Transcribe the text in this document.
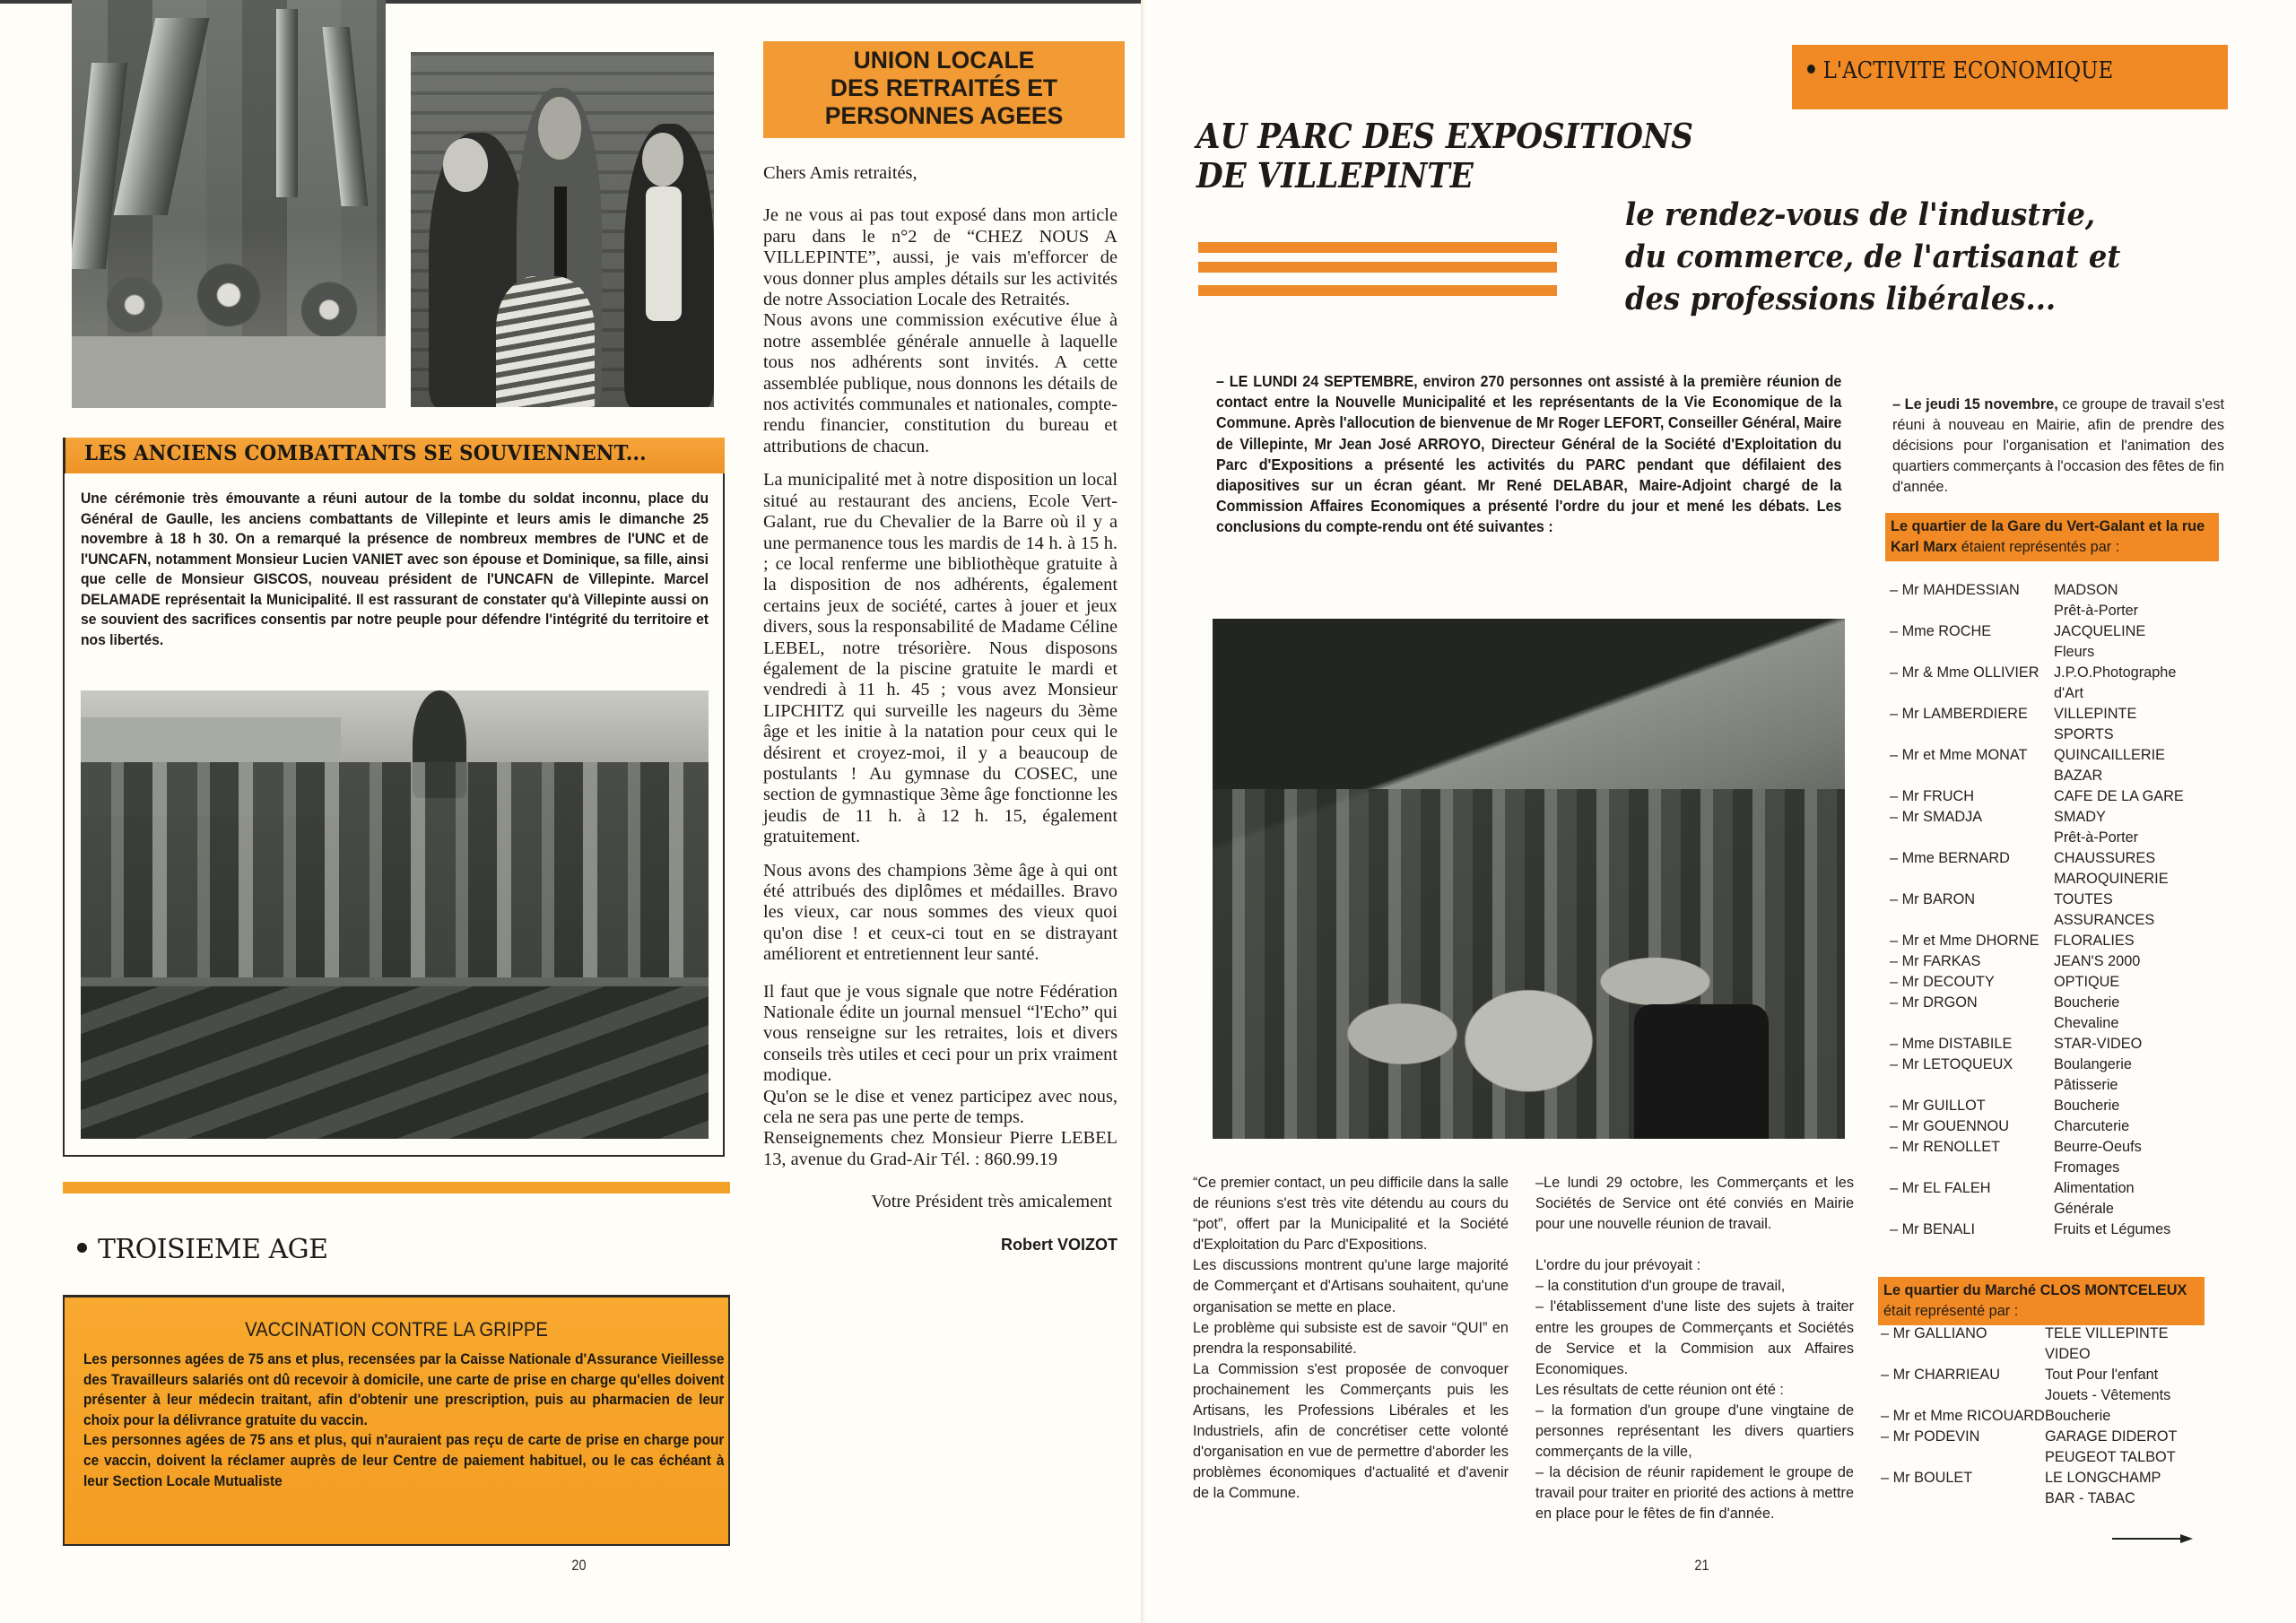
LES ANCIENS COMBATTANTS SE SOUVIENNENT...
Une cérémonie très émouvante a réuni autour de la tombe du soldat inconnu, place du Général de Gaulle, les anciens combattants de Villepinte et leurs amis le dimanche 25 novembre à 18 h 30. On a remarqué la présence de nombreux membres de l'UNC et de l'UNCAFN, notamment Monsieur Lucien VANIET avec son épouse et Dominique, sa fille, ainsi que celle de Monsieur GISCOS, nouveau président de l'UNCAFN de Villepinte. Marcel DELAMADE représentait la Municipalité. Il est rassurant de constater qu'à Villepinte aussi on se souvient des sacrifices consentis par notre peuple pour défendre l'intégrité du territoire et nos libertés.
TROISIEME AGE
VACCINATION CONTRE LA GRIPPE

Les personnes agées de 75 ans et plus, recensées par la Caisse Nationale d'Assurance Vieillesse des Travailleurs salariés ont dû recevoir à domicile, une carte de prise en charge qu'elles doivent présenter à leur médecin traitant, afin d'obtenir une prescription, puis au pharmacien de leur choix pour la délivrance gratuite du vaccin.

Les personnes agées de 75 ans et plus, qui n'auraient pas reçu de carte de prise en charge pour ce vaccin, doivent la réclamer auprès de leur Centre de paiement habituel, ou le cas échéant à leur Section Locale Mutualiste

20
UNION LOCALE
DES RETRAITÉS ET
PERSONNES AGEES

Chers Amis retraités,

Je ne vous ai pas tout exposé dans mon article paru dans le n°2 de “CHEZ NOUS A VILLEPINTE”, aussi, je vais m'efforcer de vous donner plus amples détails sur les activités de notre Association Locale des Retraités.

Nous avons une commission exécutive élue à notre assemblée générale annuelle à laquelle tous nos adhérents sont invités. A cette assemblée publique, nous donnons les détails de nos activités communales et nationales, compte-rendu financier, constitution du bureau et attributions de chacun.

La municipalité met à notre disposition un local situé au restaurant des anciens, Ecole Vert-Galant, rue du Chevalier de la Barre où il y a une permanence tous les mardis de 14 h. à 15 h. ; ce local renferme une bibliothèque gratuite à la disposition de nos adhérents, également certains jeux de société, cartes à jouer et jeux divers, sous la responsabilité de Madame Céline LEBEL, notre trésorière. Nous disposons également de la piscine gratuite le mardi et vendredi à 11 h. 45 ; vous avez Monsieur LIPCHITZ qui surveille les nageurs du 3ème âge et les initie à la natation pour ceux qui le désirent et croyez-moi, il y a beaucoup de postulants ! Au gymnase du COSEC, une section de gymnastique 3ème âge fonctionne les jeudis de 11 h. à 12 h. 15, également gratuitement.

Nous avons des champions 3ème âge à qui ont été attribués des diplômes et médailles. Bravo les vieux, car nous sommes des vieux quoi qu'on dise ! et ceux-ci tout en se distrayant améliorent et entretiennent leur santé.

Il faut que je vous signale que notre Fédération Nationale édite un journal mensuel “l'Echo” qui vous renseigne sur les retraites, lois et divers conseils très utiles et ceci pour un prix vraiment modique.

Qu'on se le dise et venez participez avec nous, cela ne sera pas une perte de temps.

Renseignements chez Monsieur Pierre LEBEL 13, avenue du Grad-Air Tél. : 860.99.19

Votre Président très amicalement

Robert VOIZOT

L'ACTIVITE ECONOMIQUE
AU PARC DES EXPOSITIONS
DE VILLEPINTE
le rendez-vous de l'industrie,
du commerce, de l'artisanat et
des professions libérales...
– LE LUNDI 24 SEPTEMBRE, environ 270 personnes ont assisté à la première réunion de contact entre la Nouvelle Municipalité et les représentants de la Vie Economique de la Commune. Après l'allocution de bienvenue de Mr Roger LEFORT, Conseiller Général, Maire de Villepinte, Mr Jean José ARROYO, Directeur Général de la Société d'Exploitation du Parc d'Expositions a présenté les activités du PARC pendant que défilaient des diapositives sur un écran géant. Mr René DELABAR, Maire-Adjoint chargé de la Commission Affaires Economiques a présenté l'ordre du jour et mené les débats. Les conclusions du compte-rendu ont été suivantes :

“Ce premier contact, un peu difficile dans la salle de réunions s'est très vite détendu au cours du “pot”, offert par la Municipalité et la Société d'Exploitation du Parc d'Expositions.

Les discussions montrent qu'une large majorité de Commerçant et d'Artisans souhaitent, qu'une organisation se mette en place.

Le problème qui subsiste est de savoir “QUI” en prendra la responsabilité.

La Commission s'est proposée de convoquer prochainement les Commerçants puis les Artisans, les Professions Libérales et les Industriels, afin de concrétiser cette volonté d'organisation en vue de permettre d'aborder les problèmes économiques d'actualité et d'avenir de la Commune.

–Le lundi 29 octobre, les Commerçants et les Sociétés de Service ont été conviés en Mairie pour une nouvelle réunion de travail.

L'ordre du jour prévoyait :

– la constitution d'un groupe de travail,

– l'établissement d'une liste des sujets à traiter entre les groupes de Commerçants et Sociétés de Service et la Commision aux Affaires Economiques.

Les résultats de cette réunion ont été :

– la formation d'un groupe d'une vingtaine de personnes représentant les divers quartiers commerçants de la ville,

– la décision de réunir rapidement le groupe de travail pour traiter en priorité des actions à mettre en place pour le fêtes de fin d'année.

– Le jeudi 15 novembre, ce groupe de travail s'est réuni à nouveau en Mairie, afin de prendre des décisions pour l'organisation et l'animation des quartiers commerçants à l'occasion des fêtes de fin d'année.
Le quartier de la Gare du Vert-Galant et la rue Karl Marx étaient représentés par :
– Mr MAHDESSIAN	MADSON
Prêt-à-Porter
– Mme ROCHE	JACQUELINE
Fleurs
– Mr & Mme OLLIVIER	J.P.O.Photographe
d'Art
– Mr LAMBERDIERE	VILLEPINTE
SPORTS
– Mr et Mme MONAT	QUINCAILLERIE
BAZAR
– Mr FRUCH	CAFE DE LA GARE
– Mr SMADJA	SMADY
Prêt-à-Porter
– Mme BERNARD	CHAUSSURES
MAROQUINERIE
– Mr BARON	TOUTES
ASSURANCES
– Mr et Mme DHORNE	FLORALIES
– Mr FARKAS	JEAN'S 2000
– Mr DECOUTY	OPTIQUE
– Mr DRGON	Boucherie
Chevaline
– Mme DISTABILE	STAR-VIDEO
– Mr LETOQUEUX	Boulangerie
Pâtisserie
– Mr GUILLOT	Boucherie
– Mr GOUENNOU	Charcuterie
– Mr RENOLLET	Beurre-Oeufs
Fromages
– Mr EL FALEH	Alimentation
Générale
– Mr BENALI	Fruits et Légumes
Le quartier du Marché CLOS MONTCELEUX était représenté par :
– Mr GALLIANO	TELE VILLEPINTE
VIDEO
– Mr CHARRIEAU	Tout Pour l'enfant
Jouets - Vêtements
– Mr et Mme RICOUARD Boucherie
– Mr PODEVIN	GARAGE DIDEROT
PEUGEOT TALBOT
– Mr BOULET	LE LONGCHAMP
BAR - TABAC
21
